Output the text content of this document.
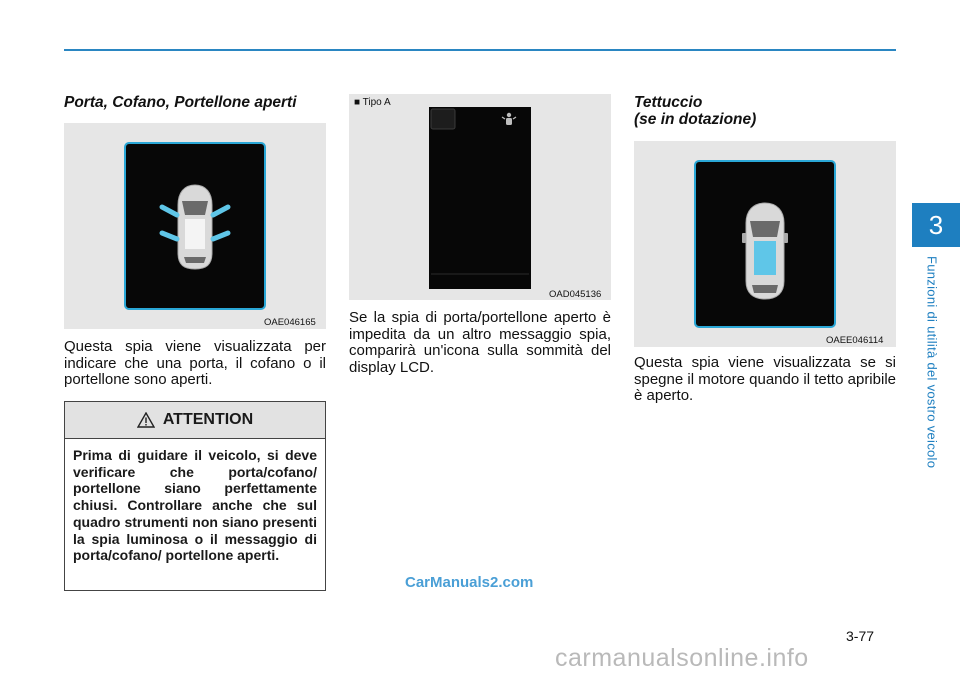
3
Funzioni di utilità del vostro veicolo
Porta, Cofano, Portellone aperti
OAE046165
Questa spia viene visualizzata per indicare che una porta, il cofano o il portellone sono aperti.
ATTENTION
Prima di guidare il veicolo, si deve verificare che porta/cofano/ portellone siano perfettamente chiusi. Controllare anche che sul quadro strumenti non siano presenti la spia luminosa o il messaggio di porta/cofano/ portellone aperti.
■ Tipo A
OAD045136
Se la spia di porta/portellone aperto è impedita da un altro messaggio spia, comparirà un'icona sulla sommità del display LCD.
Tettuccio
(se in dotazione)
OAEE046114
Questa spia viene visualizzata se si spegne il motore quando il tetto apribile è aperto.
3-77
CarManuals2.com
carmanualsonline.info
